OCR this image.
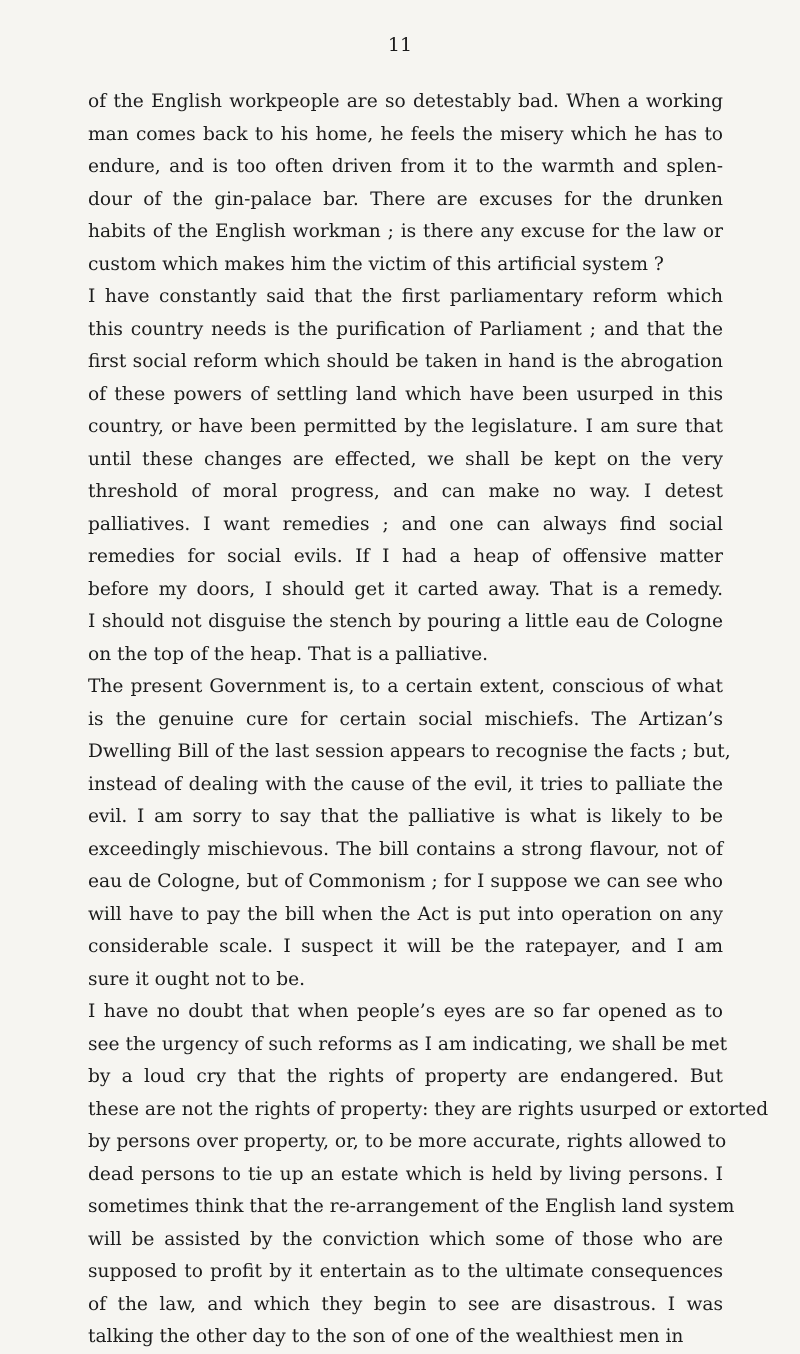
11
of the English workpeople are so detestably bad. When a working
man comes back to his home, he feels the misery which he has to
endure, and is too often driven from it to the warmth and splen-
dour of the gin-palace bar. There are excuses for the drunken
habits of the English workman ; is there any excuse for the law or
custom which makes him the victim of this artificial system ?
I have constantly said that the first parliamentary reform which
this country needs is the purification of Parliament ; and that the
first social reform which should be taken in hand is the abrogation
of these powers of settling land which have been usurped in this
country, or have been permitted by the legislature. I am sure that
until these changes are effected, we shall be kept on the very
threshold of moral progress, and can make no way. I detest
palliatives. I want remedies ; and one can always find social
remedies for social evils. If I had a heap of offensive matter
before my doors, I should get it carted away. That is a remedy.
I should not disguise the stench by pouring a little eau de Cologne
on the top of the heap. That is a palliative.
The present Government is, to a certain extent, conscious of what
is the genuine cure for certain social mischiefs. The Artizan’s
Dwelling Bill of the last session appears to recognise the facts ; but,
instead of dealing with the cause of the evil, it tries to palliate the
evil. I am sorry to say that the palliative is what is likely to be
exceedingly mischievous. The bill contains a strong flavour, not of
eau de Cologne, but of Commonism ; for I suppose we can see who
will have to pay the bill when the Act is put into operation on any
considerable scale. I suspect it will be the ratepayer, and I am
sure it ought not to be.
I have no doubt that when people’s eyes are so far opened as to
see the urgency of such reforms as I am indicating, we shall be met
by a loud cry that the rights of property are endangered. But
these are not the rights of property: they are rights usurped or extorted
by persons over property, or, to be more accurate, rights allowed to
dead persons to tie up an estate which is held by living persons. I
sometimes think that the re-arrangement of the English land system
will be assisted by the conviction which some of those who are
supposed to profit by it entertain as to the ultimate consequences
of the law, and which they begin to see are disastrous. I was
talking the other day to the son of one of the wealthiest men in
